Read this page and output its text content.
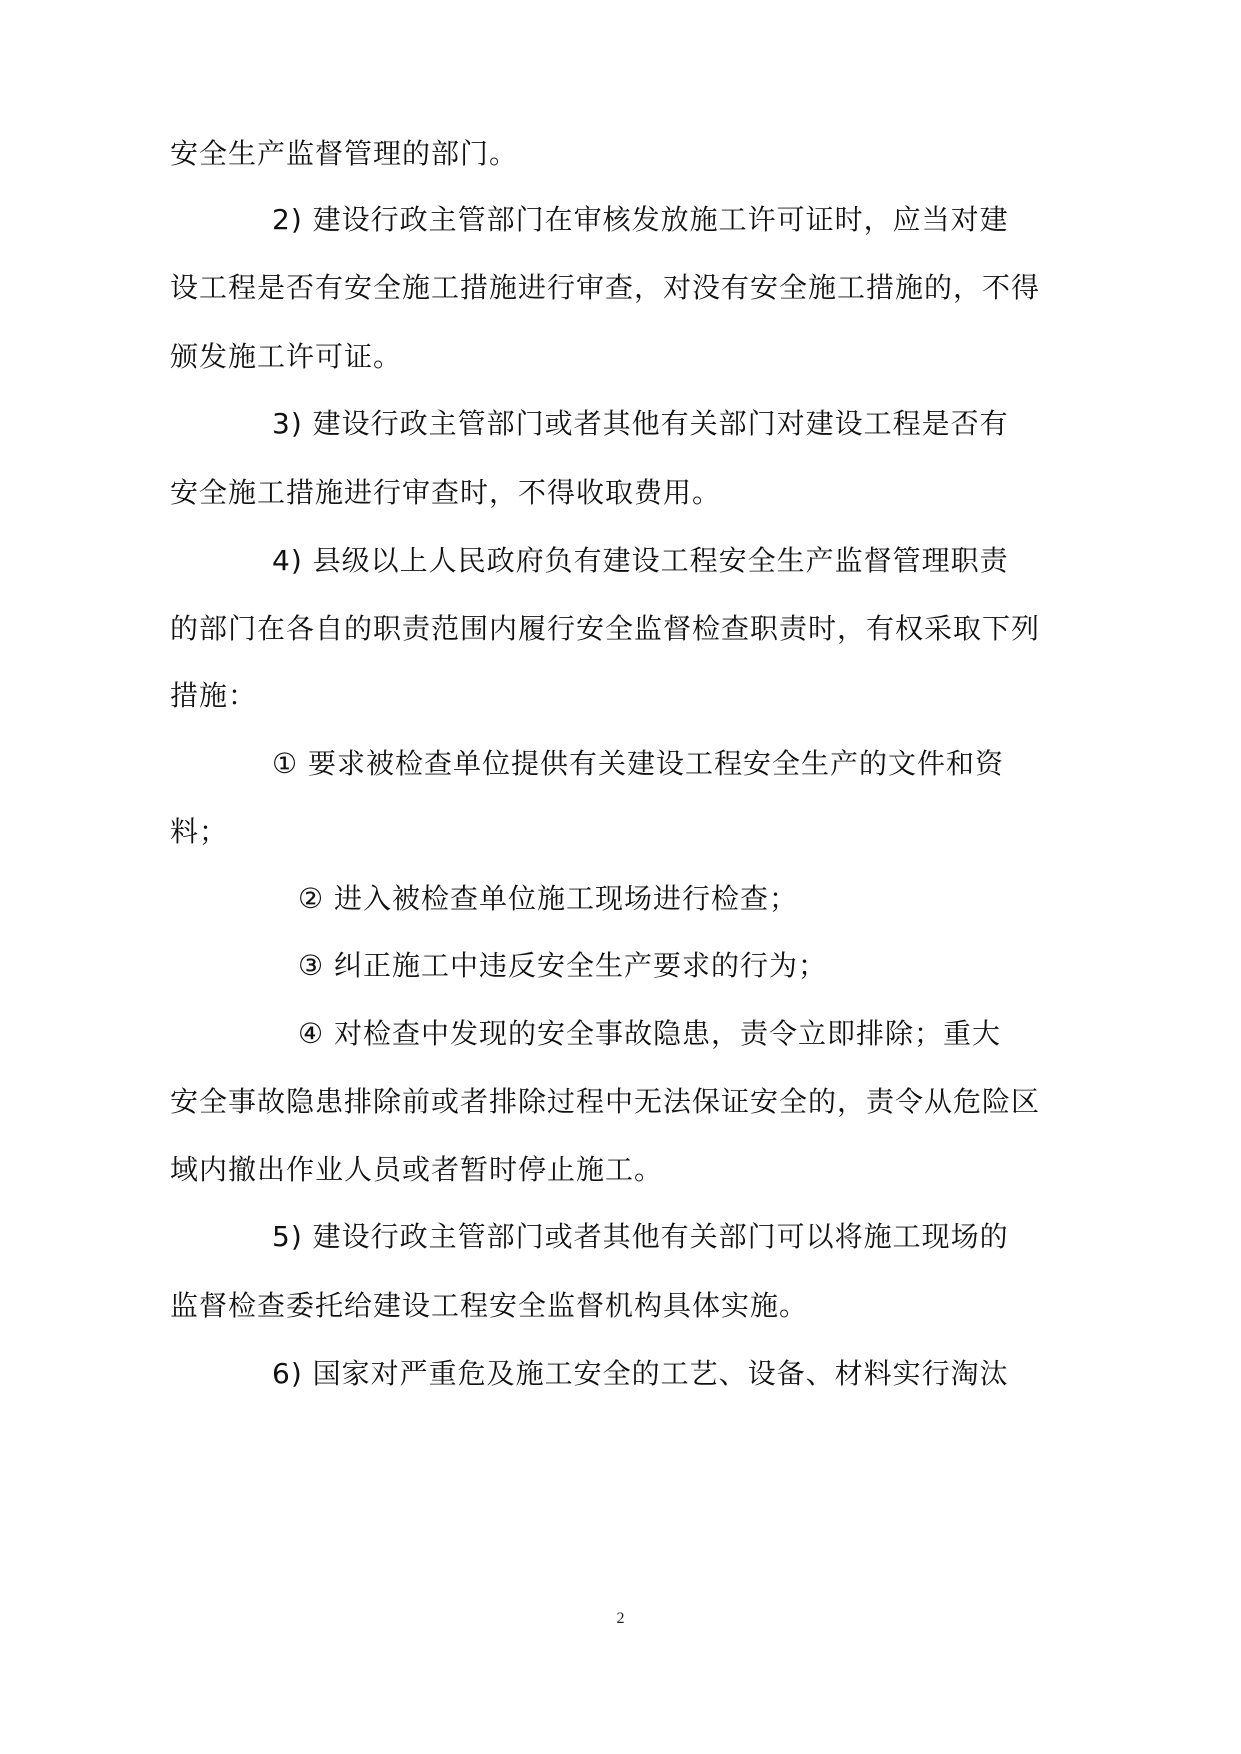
安全生产监督管理的部门。
2) 建设行政主管部门在审核发放施工许可证时，应当对建
设工程是否有安全施工措施进行审查，对没有安全施工措施的，不得
颁发施工许可证。
3) 建设行政主管部门或者其他有关部门对建设工程是否有
安全施工措施进行审查时，不得收取费用。
4) 县级以上人民政府负有建设工程安全生产监督管理职责
的部门在各自的职责范围内履行安全监督检查职责时，有权采取下列
措施：
① 要求被检查单位提供有关建设工程安全生产的文件和资
料；
② 进入被检查单位施工现场进行检查；
③ 纠正施工中违反安全生产要求的行为；
④ 对检查中发现的安全事故隐患，责令立即排除；重大
安全事故隐患排除前或者排除过程中无法保证安全的，责令从危险区
域内撤出作业人员或者暂时停止施工。
5) 建设行政主管部门或者其他有关部门可以将施工现场的
监督检查委托给建设工程安全监督机构具体实施。
6) 国家对严重危及施工安全的工艺、设备、材料实行淘汰
2
